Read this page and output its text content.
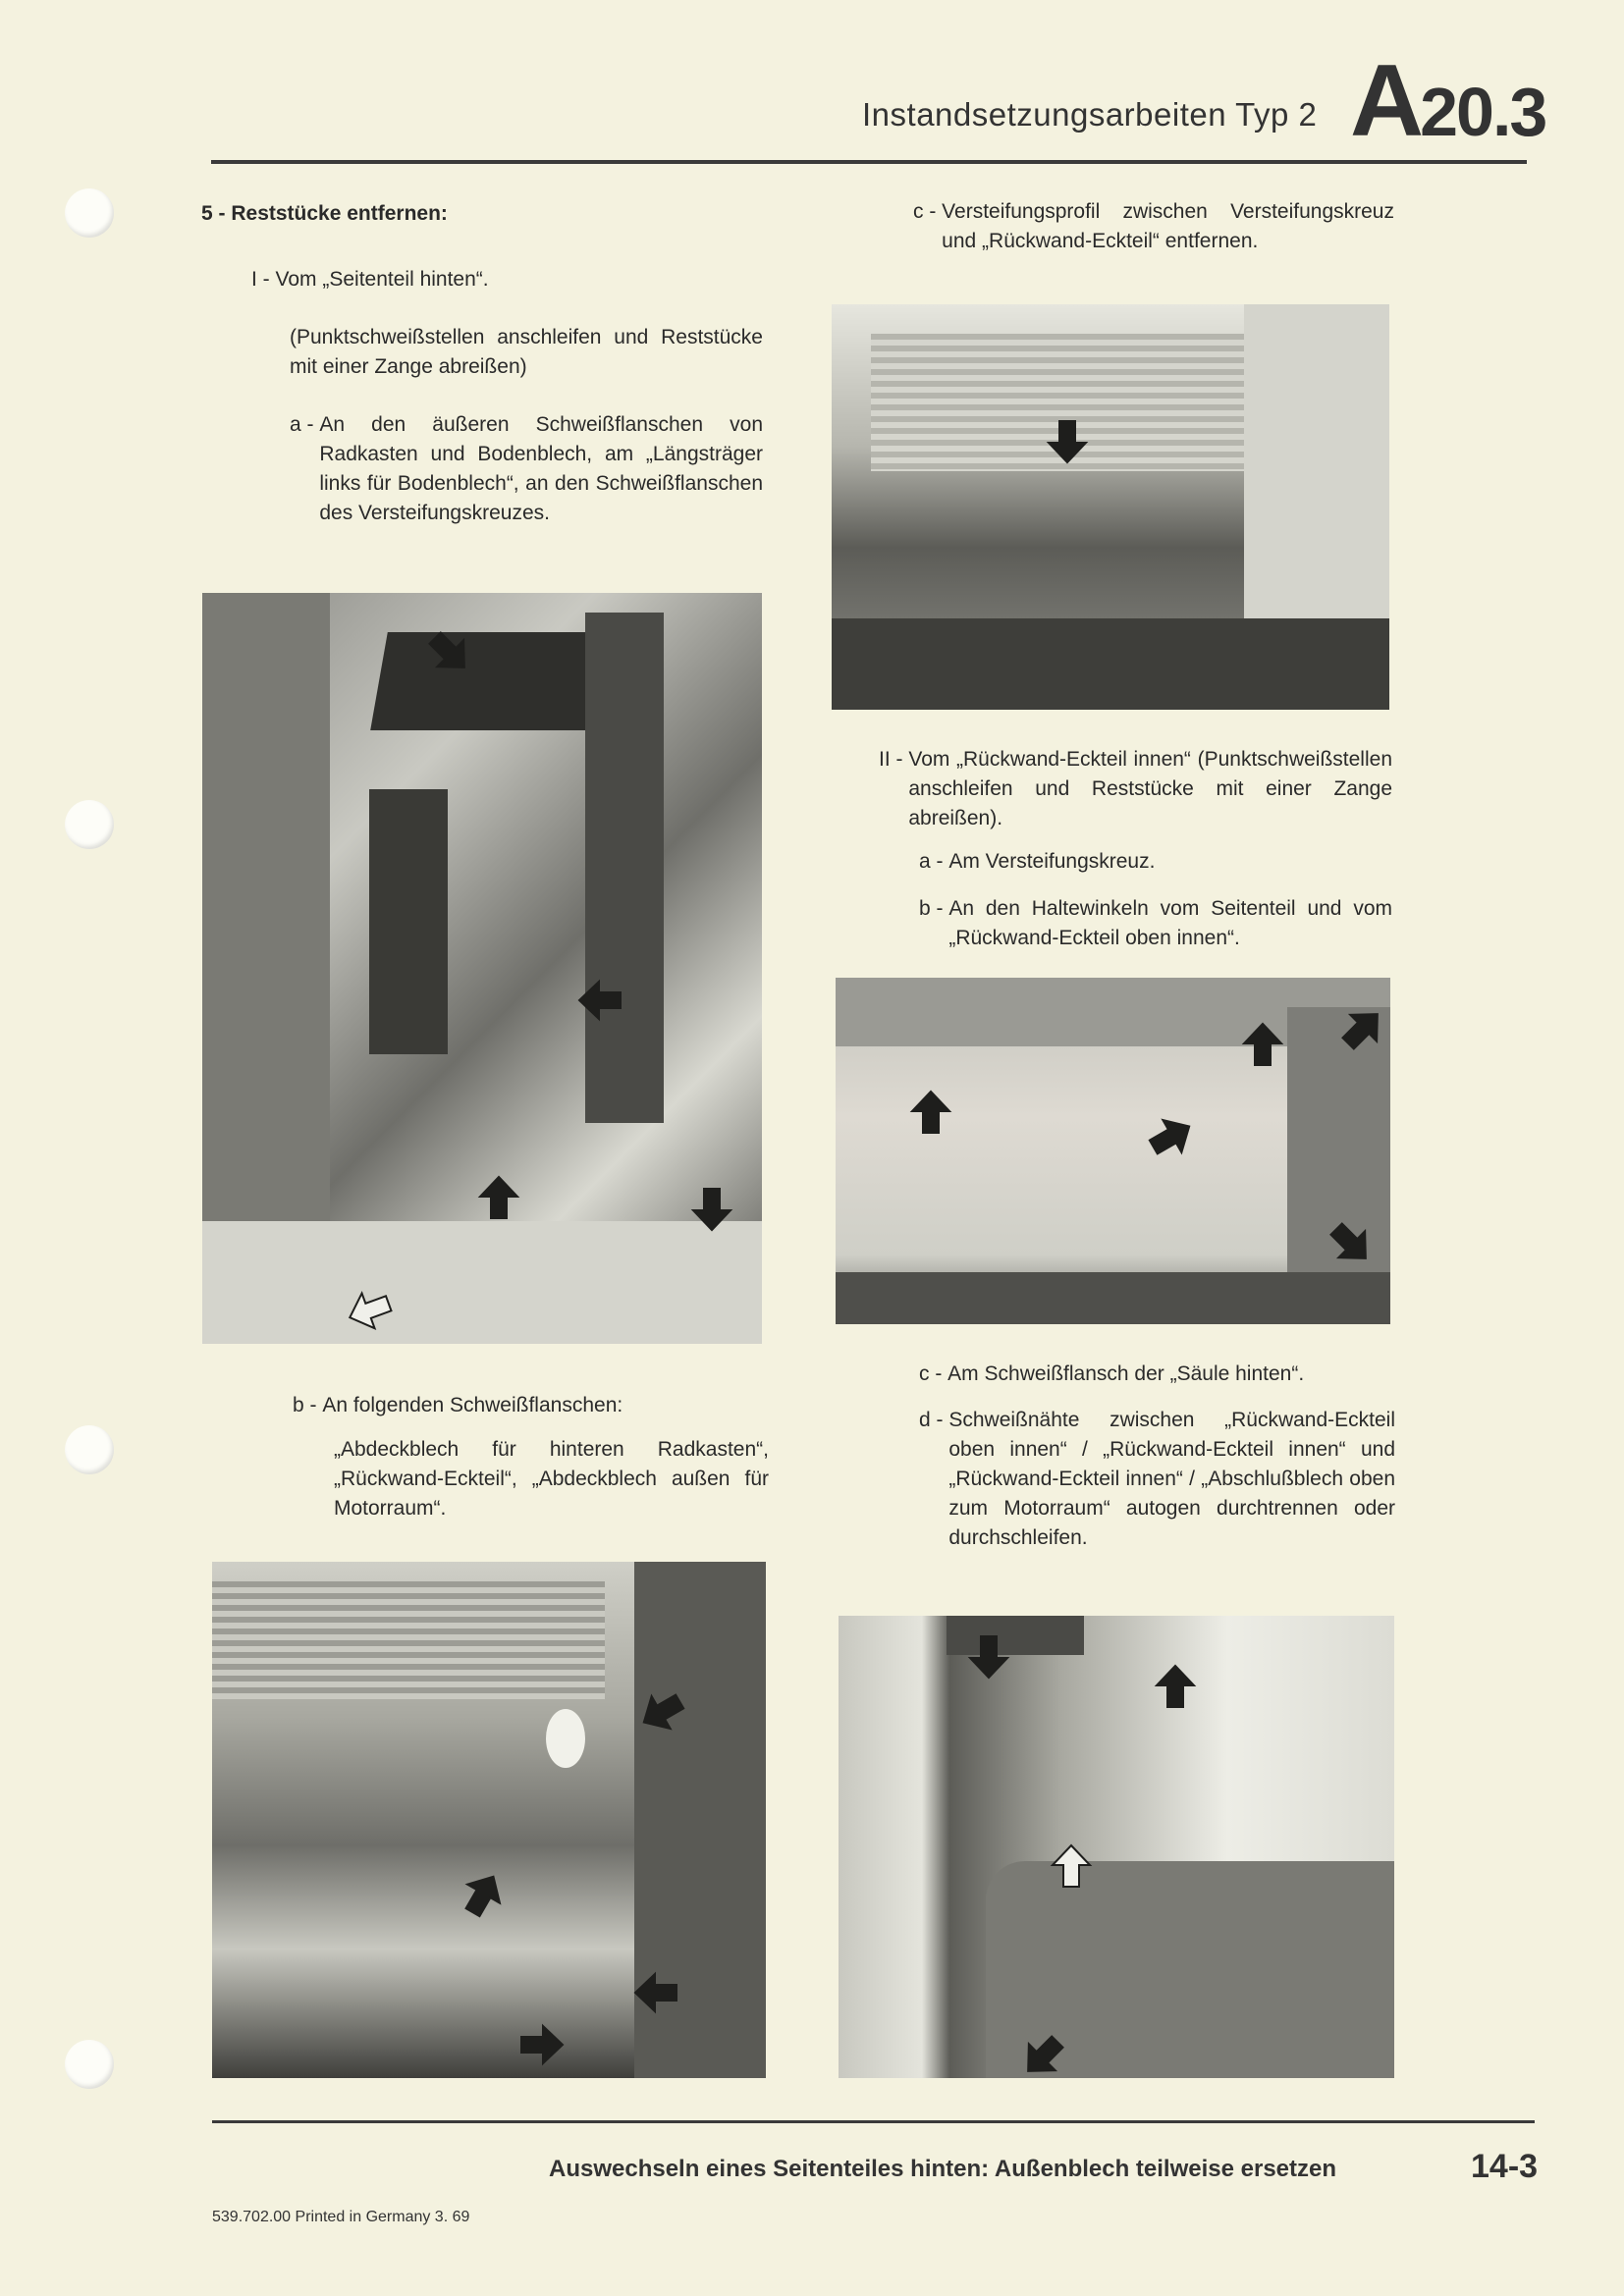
Instandsetzungsarbeiten Typ 2 A20.3
5 - Reststücke entfernen:
I - Vom „Seitenteil hinten“.
(Punktschweißstellen anschleifen und Reststücke mit einer Zange abreißen)
a - An den äußeren Schweißflanschen von Radkasten und Bodenblech, am „Längsträger links für Bodenblech“, an den Schweißflanschen des Versteifungskreuzes.
c - Versteifungsprofil zwischen Versteifungskreuz und „Rückwand-Eckteil“ entfernen.
II - Vom „Rückwand-Eckteil innen“ (Punktschweißstellen anschleifen und Reststücke mit einer Zange abreißen).
a - Am Versteifungskreuz.
b - An den Haltewinkeln vom Seitenteil und vom „Rückwand-Eckteil oben innen“.
b - An folgenden Schweißflanschen:
„Abdeckblech für hinteren Radkasten“, „Rückwand-Eckteil“, „Abdeckblech außen für Motorraum“.
c - Am Schweißflansch der „Säule hinten“.
d - Schweißnähte zwischen „Rückwand-Eckteil oben innen“ / „Rückwand-Eckteil innen“ und „Rückwand-Eckteil innen“ / „Abschlußblech oben zum Motorraum“ autogen durchtrennen oder durchschleifen.
Auswechseln eines Seitenteiles hinten: Außenblech teilweise ersetzen	14-3
539.702.00 Printed in Germany 3. 69
